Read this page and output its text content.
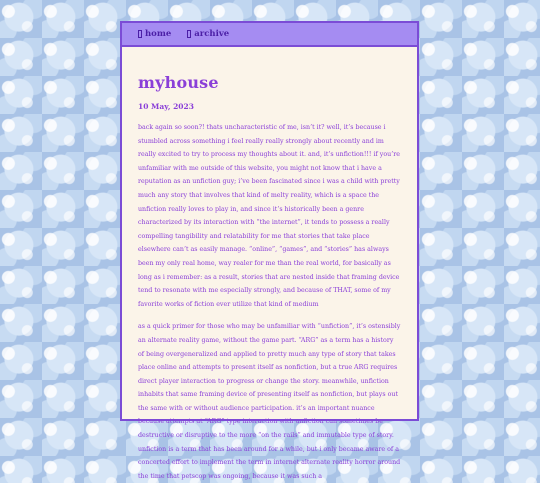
home	archive
myhouse
10 May, 2023

back again so soon?! thats uncharacteristic of me, isn’t it? well, it’s because i stumbled across something i feel really really strongly about recently and im really excited to try to process my thoughts about it. and, it’s unfiction!!! if you’re unfamiliar with me outside of this website, you might not know that i have a reputation as an unfiction guy; i’ve been fascinated since i was a child with pretty much any story that involves that kind of melty reality, which is a space the unfiction really loves to play in, and since it’s historically been a genre characterized by its interaction with “the internet”, it tends to possess a really compelling tangibility and relatability for me that stories that take place elsewhere can’t as easily manage. “online”, “games”, and “stories” has always been my only real home, way realer for me than the real world, for basically as long as i remember: as a result, stories that are nested inside that framing device tend to resonate with me especially strongly, and because of THAT, some of my favorite works of fiction ever utilize that kind of medium

as a quick primer for those who may be unfamiliar with “unfiction”, it’s ostensibly an alternate reality game, without the game part. “ARG” as a term has a history of being overgeneralized and applied to pretty much any type of story that takes place online and attempts to present itself as nonfiction, but a true ARG requires direct player interaction to progress or change the story. meanwhile, unfiction inhabits that same framing device of presenting itself as nonfiction, but plays out the same with or without audience participation. it’s an important nuance because attempts at “ARG” type interaction with unfiction can sometimes be destructive or disruptive to the more “on the rails” and immutable type of story. unfiction is a term that has been around for a while, but i only became aware of a concerted effort to implement the term in internet alternate reality horror around the time that petscop was ongoing, because it was such a
